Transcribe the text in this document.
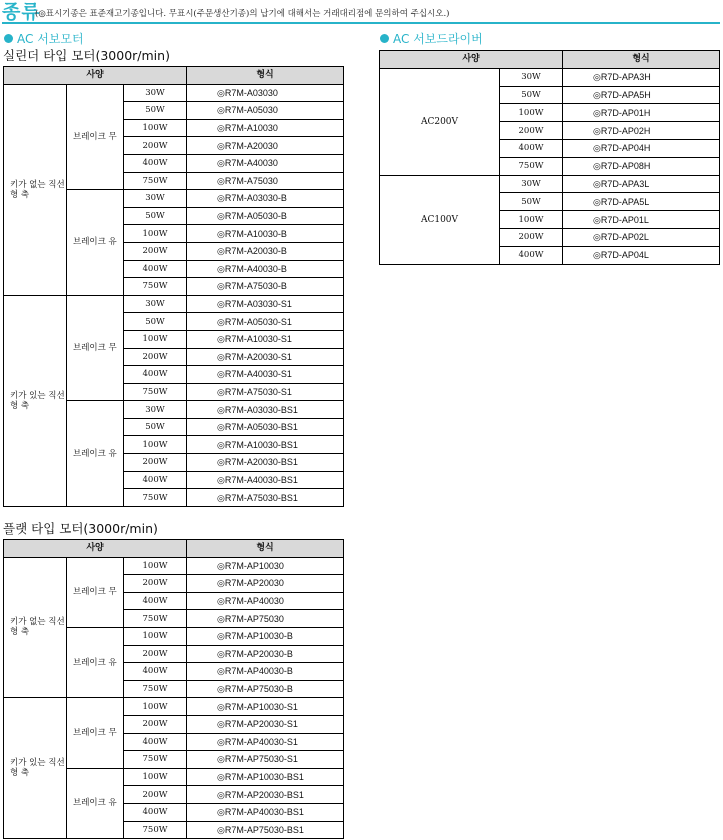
종류
(◎표시기종은 표준재고기종입니다. 무표시(주문생산기종)의 납기에 대해서는 거래대리점에 문의하여 주십시오.)
AC 서보모터
실린더 타입 모터(3000r/min)
사양			형식
키가 없는 직선형 축	브레이크 무	30W	◎R7M-A03030
		50W	◎R7M-A05030
		100W	◎R7M-A10030
		200W	◎R7M-A20030
		400W	◎R7M-A40030
		750W	◎R7M-A75030
	브레이크 유	30W	◎R7M-A03030-B
		50W	◎R7M-A05030-B
		100W	◎R7M-A10030-B
		200W	◎R7M-A20030-B
		400W	◎R7M-A40030-B
		750W	◎R7M-A75030-B
키가 있는 직선형 축	브레이크 무	30W	◎R7M-A03030-S1
		50W	◎R7M-A05030-S1
		100W	◎R7M-A10030-S1
		200W	◎R7M-A20030-S1
		400W	◎R7M-A40030-S1
		750W	◎R7M-A75030-S1
	브레이크 유	30W	◎R7M-A03030-BS1
		50W	◎R7M-A05030-BS1
		100W	◎R7M-A10030-BS1
		200W	◎R7M-A20030-BS1
		400W	◎R7M-A40030-BS1
		750W	◎R7M-A75030-BS1
플랫 타입 모터(3000r/min)
사양			형식
키가 없는 직선형 축	브레이크 무	100W	◎R7M-AP10030
		200W	◎R7M-AP20030
		400W	◎R7M-AP40030
		750W	◎R7M-AP75030
	브레이크 유	100W	◎R7M-AP10030-B
		200W	◎R7M-AP20030-B
		400W	◎R7M-AP40030-B
		750W	◎R7M-AP75030-B
키가 있는 직선형 축	브레이크 무	100W	◎R7M-AP10030-S1
		200W	◎R7M-AP20030-S1
		400W	◎R7M-AP40030-S1
		750W	◎R7M-AP75030-S1
	브레이크 유	100W	◎R7M-AP10030-BS1
		200W	◎R7M-AP20030-BS1
		400W	◎R7M-AP40030-BS1
		750W	◎R7M-AP75030-BS1
AC 서보드라이버
사양		형식
AC200V	30W	◎R7D-APA3H
	50W	◎R7D-APA5H
	100W	◎R7D-AP01H
	200W	◎R7D-AP02H
	400W	◎R7D-AP04H
	750W	◎R7D-AP08H
AC100V	30W	◎R7D-APA3L
	50W	◎R7D-APA5L
	100W	◎R7D-AP01L
	200W	◎R7D-AP02L
	400W	◎R7D-AP04L
